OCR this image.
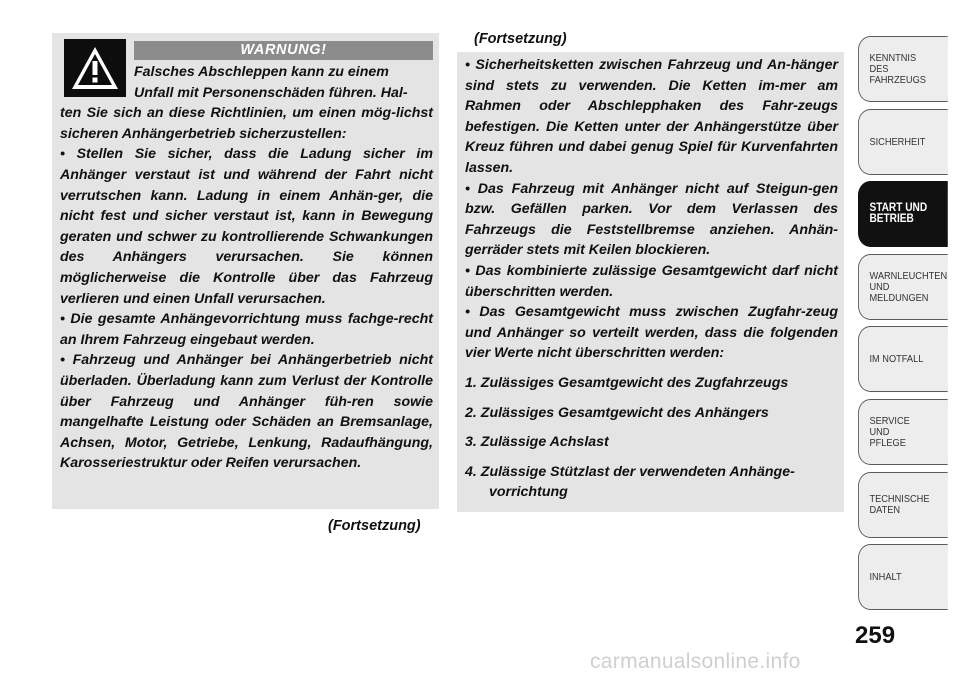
WARNUNG!

Falsches Abschleppen kann zu einem

Unfall mit Personenschäden führen. Hal-

ten Sie sich an diese Richtlinien, um einen mög-lichst sicheren Anhängerbetrieb sicherzustellen:

• Stellen Sie sicher, dass die Ladung sicher im Anhänger verstaut ist und während der Fahrt nicht verrutschen kann. Ladung in einem Anhän-ger, die nicht fest und sicher verstaut ist, kann in Bewegung geraten und schwer zu kontrollierende Schwankungen des Anhängers verursachen. Sie können möglicherweise die Kontrolle über das Fahrzeug verlieren und einen Unfall verursachen.

• Die gesamte Anhängevorrichtung muss fachge-recht an Ihrem Fahrzeug eingebaut werden.

• Fahrzeug und Anhänger bei Anhängerbetrieb nicht überladen. Überladung kann zum Verlust der Kontrolle über Fahrzeug und Anhänger füh-ren sowie mangelhafte Leistung oder Schäden an Bremsanlage, Achsen, Motor, Getriebe, Lenkung, Radaufhängung, Karosseriestruktur oder Reifen verursachen.

(Fortsetzung)
(Fortsetzung)

• Sicherheitsketten zwischen Fahrzeug und An-hänger sind stets zu verwenden. Die Ketten im-mer am Rahmen oder Abschlepphaken des Fahr-zeugs befestigen. Die Ketten unter der Anhängerstütze über Kreuz führen und dabei genug Spiel für Kurvenfahrten lassen.

• Das Fahrzeug mit Anhänger nicht auf Steigun-gen bzw. Gefällen parken. Vor dem Verlassen des Fahrzeugs die Feststellbremse anziehen. Anhän-gerräder stets mit Keilen blockieren.

• Das kombinierte zulässige Gesamtgewicht darf nicht überschritten werden.

• Das Gesamtgewicht muss zwischen Zugfahr-zeug und Anhänger so verteilt werden, dass die folgenden vier Werte nicht überschritten werden:

1. Zulässiges Gesamtgewicht des Zugfahrzeugs

2. Zulässiges Gesamtgewicht des Anhängers

3. Zulässige Achslast

4. Zulässige Stützlast der verwendeten Anhänge-vorrichtung

KENNTNIS
DES
FAHRZEUGS
SICHERHEIT
START UND
BETRIEB
WARNLEUCHTEN
UND
MELDUNGEN
IM NOTFALL
SERVICE
UND
PFLEGE
TECHNISCHE
DATEN
INHALT
259
carmanualsonline.info
